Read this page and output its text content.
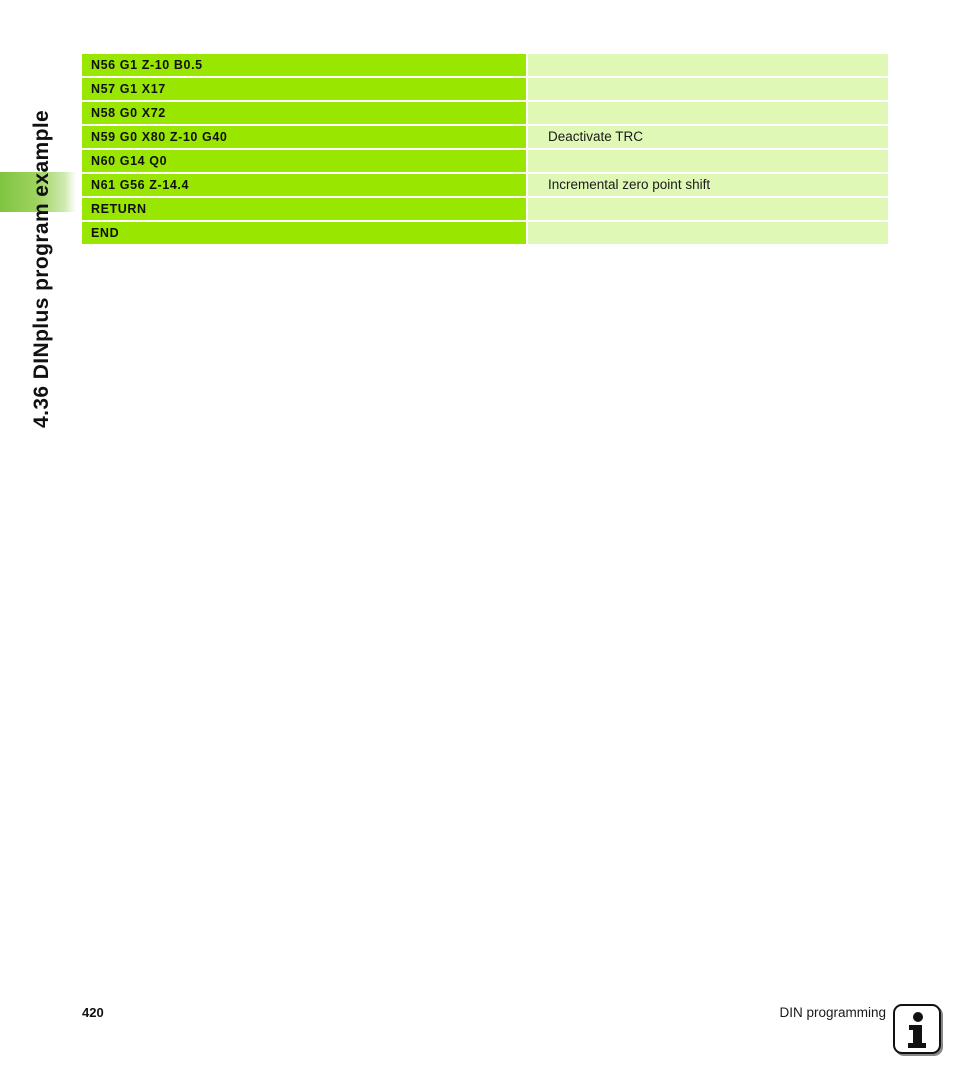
4.36 DINplus program example
N56 G1 Z-10 B0.5
N57 G1 X17
N58 G0 X72
N59 G0 X80 Z-10 G40	Deactivate TRC
N60 G14 Q0
N61 G56 Z-14.4	Incremental zero point shift
RETURN
END
420	DIN programming
